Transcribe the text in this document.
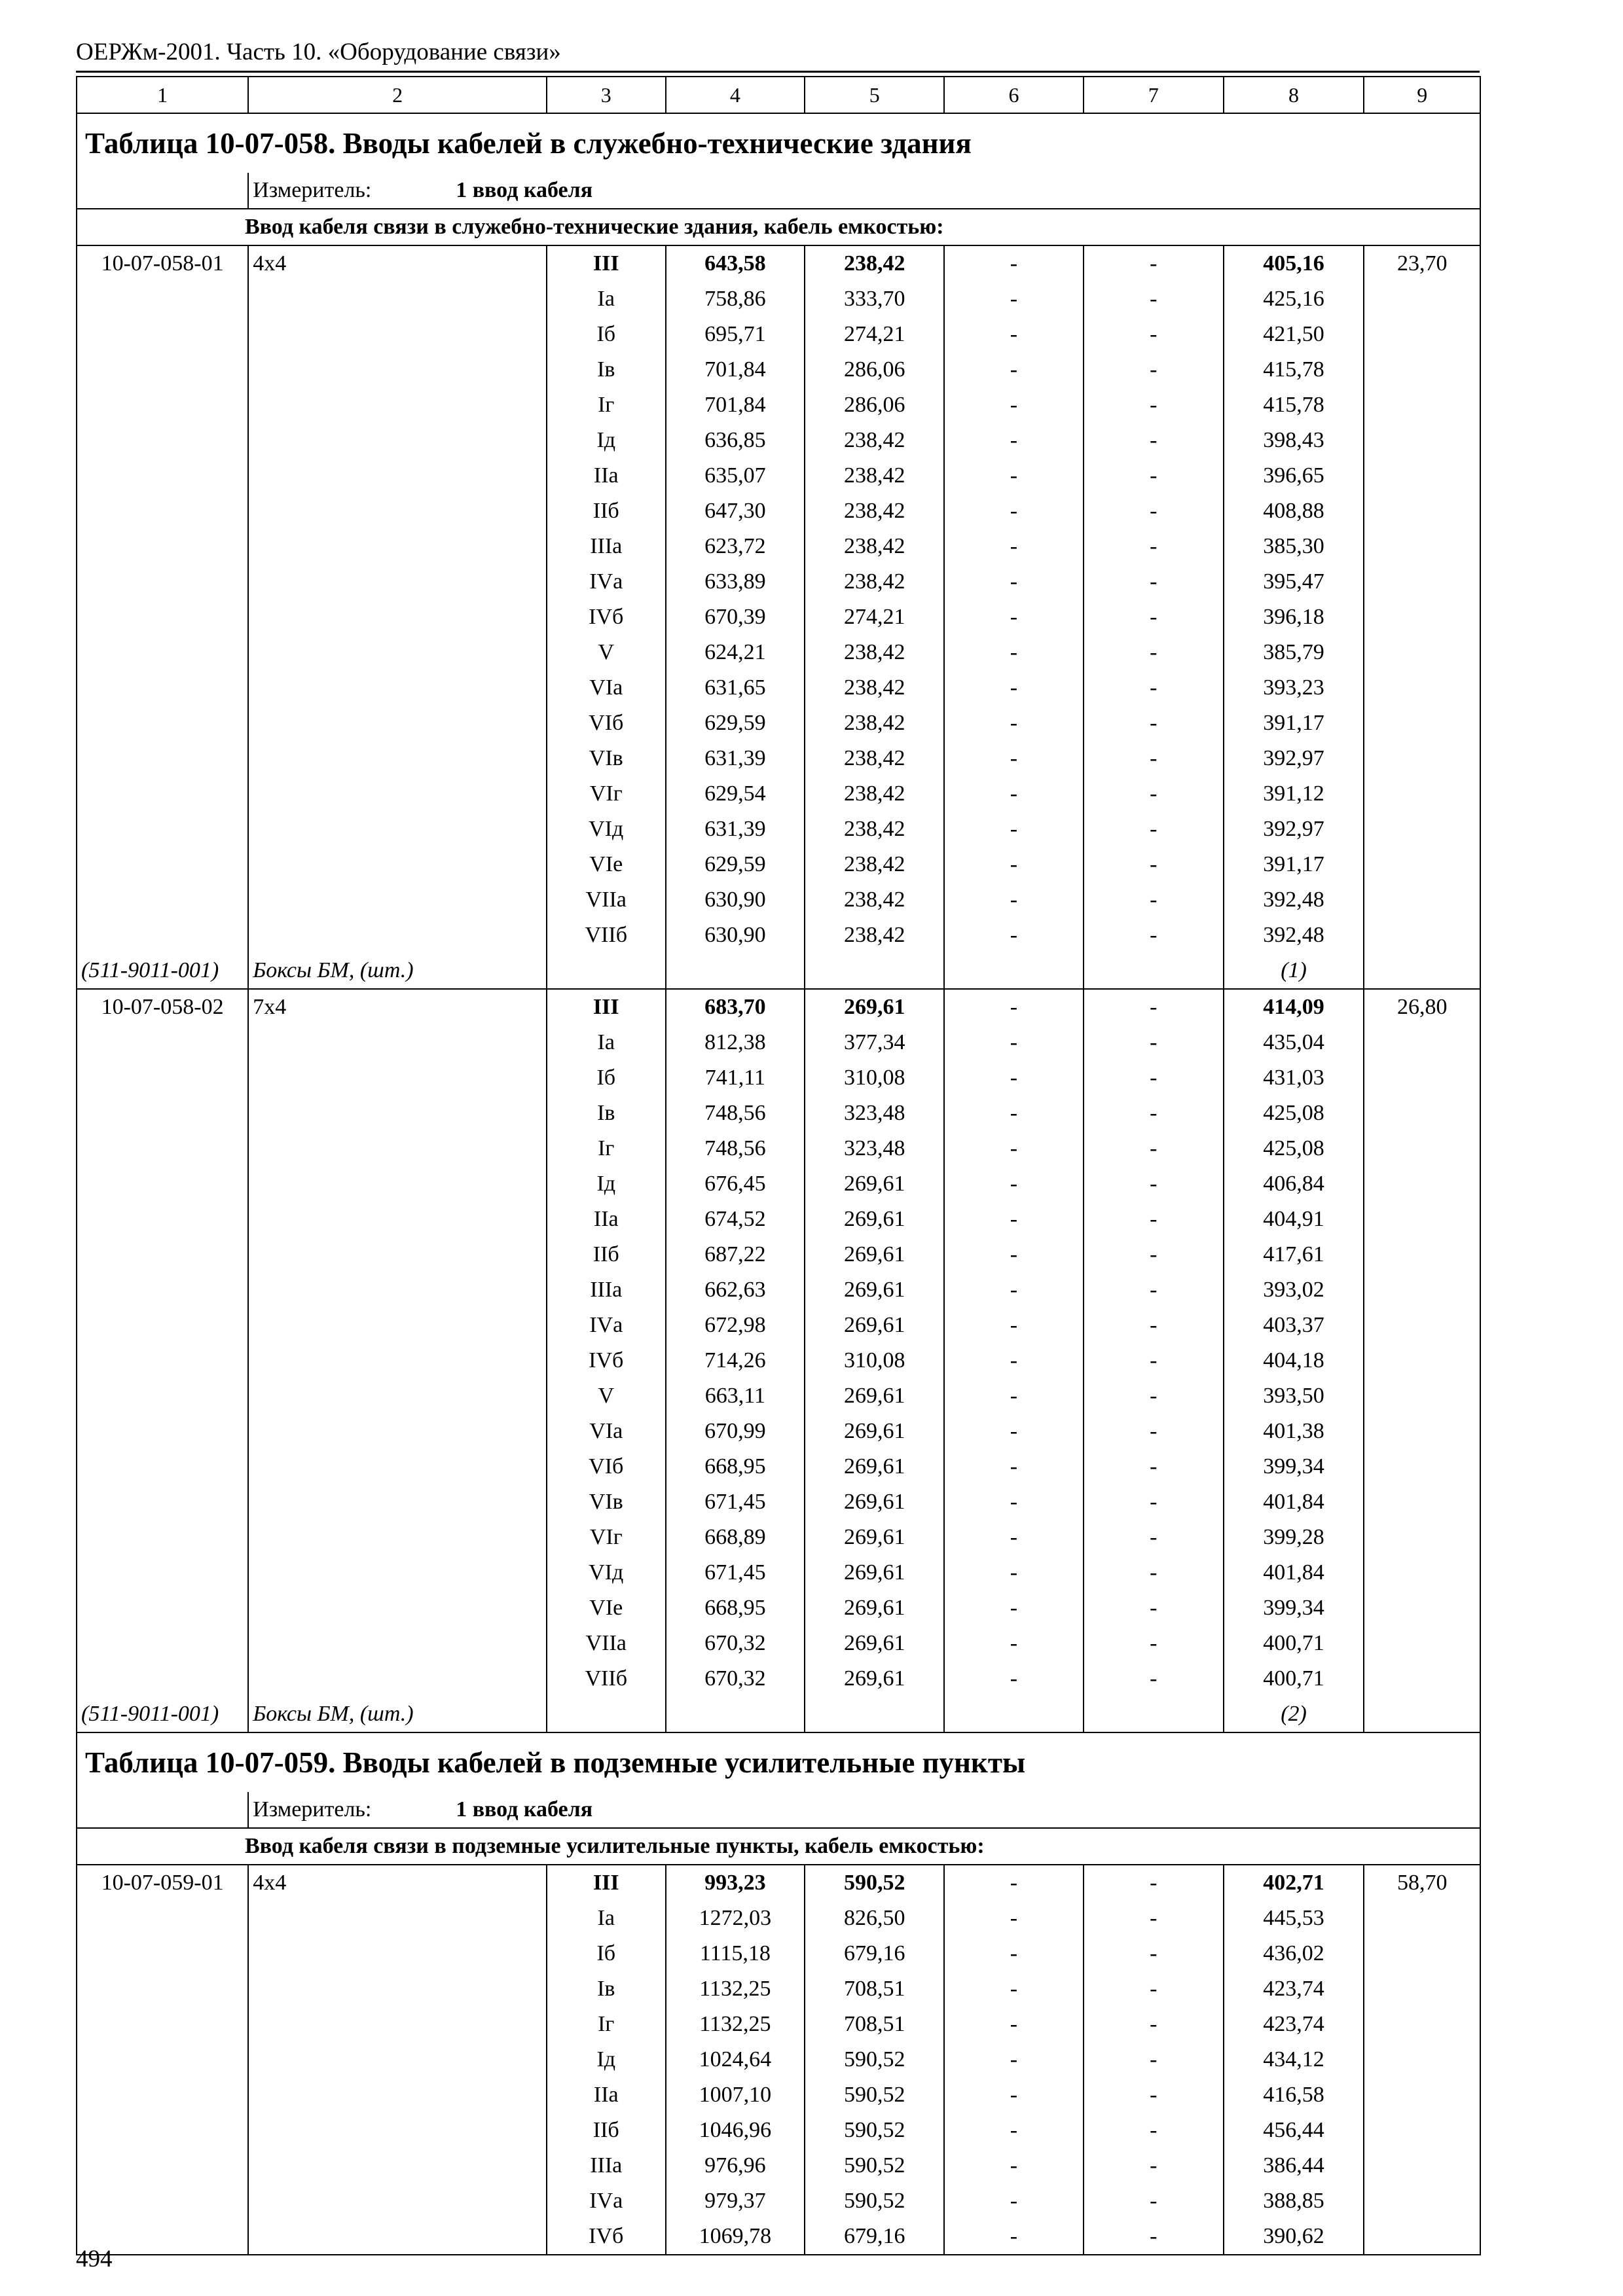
ОЕРЖм-2001. Часть 10. «Оборудование связи»
1	2	3	4	5	6	7	8	9
Таблица 10-07-058. Вводы кабелей в служебно-технические здания								
	Измеритель: 1 ввод кабеля							
Ввод кабеля связи в служебно-технические здания, кабель емкостью:								
10-07-058-01	4х4	III	643,58	238,42	-	-	405,16	23,70
		Iа	758,86	333,70	-	-	425,16	
		Iб	695,71	274,21	-	-	421,50	
		Iв	701,84	286,06	-	-	415,78	
		Iг	701,84	286,06	-	-	415,78	
		Iд	636,85	238,42	-	-	398,43	
		IIа	635,07	238,42	-	-	396,65	
		IIб	647,30	238,42	-	-	408,88	
		IIIа	623,72	238,42	-	-	385,30	
		IVа	633,89	238,42	-	-	395,47	
		IVб	670,39	274,21	-	-	396,18	
		V	624,21	238,42	-	-	385,79	
		VIа	631,65	238,42	-	-	393,23	
		VIб	629,59	238,42	-	-	391,17	
		VIв	631,39	238,42	-	-	392,97	
		VIг	629,54	238,42	-	-	391,12	
		VIд	631,39	238,42	-	-	392,97	
		VIе	629,59	238,42	-	-	391,17	
		VIIа	630,90	238,42	-	-	392,48	
		VIIб	630,90	238,42	-	-	392,48	
(511-9011-001)	Боксы БМ, (шт.)						(1)	
10-07-058-02	7х4	III	683,70	269,61	-	-	414,09	26,80
		Iа	812,38	377,34	-	-	435,04	
		Iб	741,11	310,08	-	-	431,03	
		Iв	748,56	323,48	-	-	425,08	
		Iг	748,56	323,48	-	-	425,08	
		Iд	676,45	269,61	-	-	406,84	
		IIа	674,52	269,61	-	-	404,91	
		IIб	687,22	269,61	-	-	417,61	
		IIIа	662,63	269,61	-	-	393,02	
		IVа	672,98	269,61	-	-	403,37	
		IVб	714,26	310,08	-	-	404,18	
		V	663,11	269,61	-	-	393,50	
		VIа	670,99	269,61	-	-	401,38	
		VIб	668,95	269,61	-	-	399,34	
		VIв	671,45	269,61	-	-	401,84	
		VIг	668,89	269,61	-	-	399,28	
		VIд	671,45	269,61	-	-	401,84	
		VIе	668,95	269,61	-	-	399,34	
		VIIа	670,32	269,61	-	-	400,71	
		VIIб	670,32	269,61	-	-	400,71	
(511-9011-001)	Боксы БМ, (шт.)						(2)	
Таблица 10-07-059. Вводы кабелей в подземные усилительные пункты								
	Измеритель: 1 ввод кабеля							
Ввод кабеля связи в подземные усилительные пункты, кабель емкостью:								
10-07-059-01	4х4	III	993,23	590,52	-	-	402,71	58,70
		Iа	1272,03	826,50	-	-	445,53	
		Iб	1115,18	679,16	-	-	436,02	
		Iв	1132,25	708,51	-	-	423,74	
		Iг	1132,25	708,51	-	-	423,74	
		Iд	1024,64	590,52	-	-	434,12	
		IIа	1007,10	590,52	-	-	416,58	
		IIб	1046,96	590,52	-	-	456,44	
		IIIа	976,96	590,52	-	-	386,44	
		IVа	979,37	590,52	-	-	388,85	
		IVб	1069,78	679,16	-	-	390,62	
494
